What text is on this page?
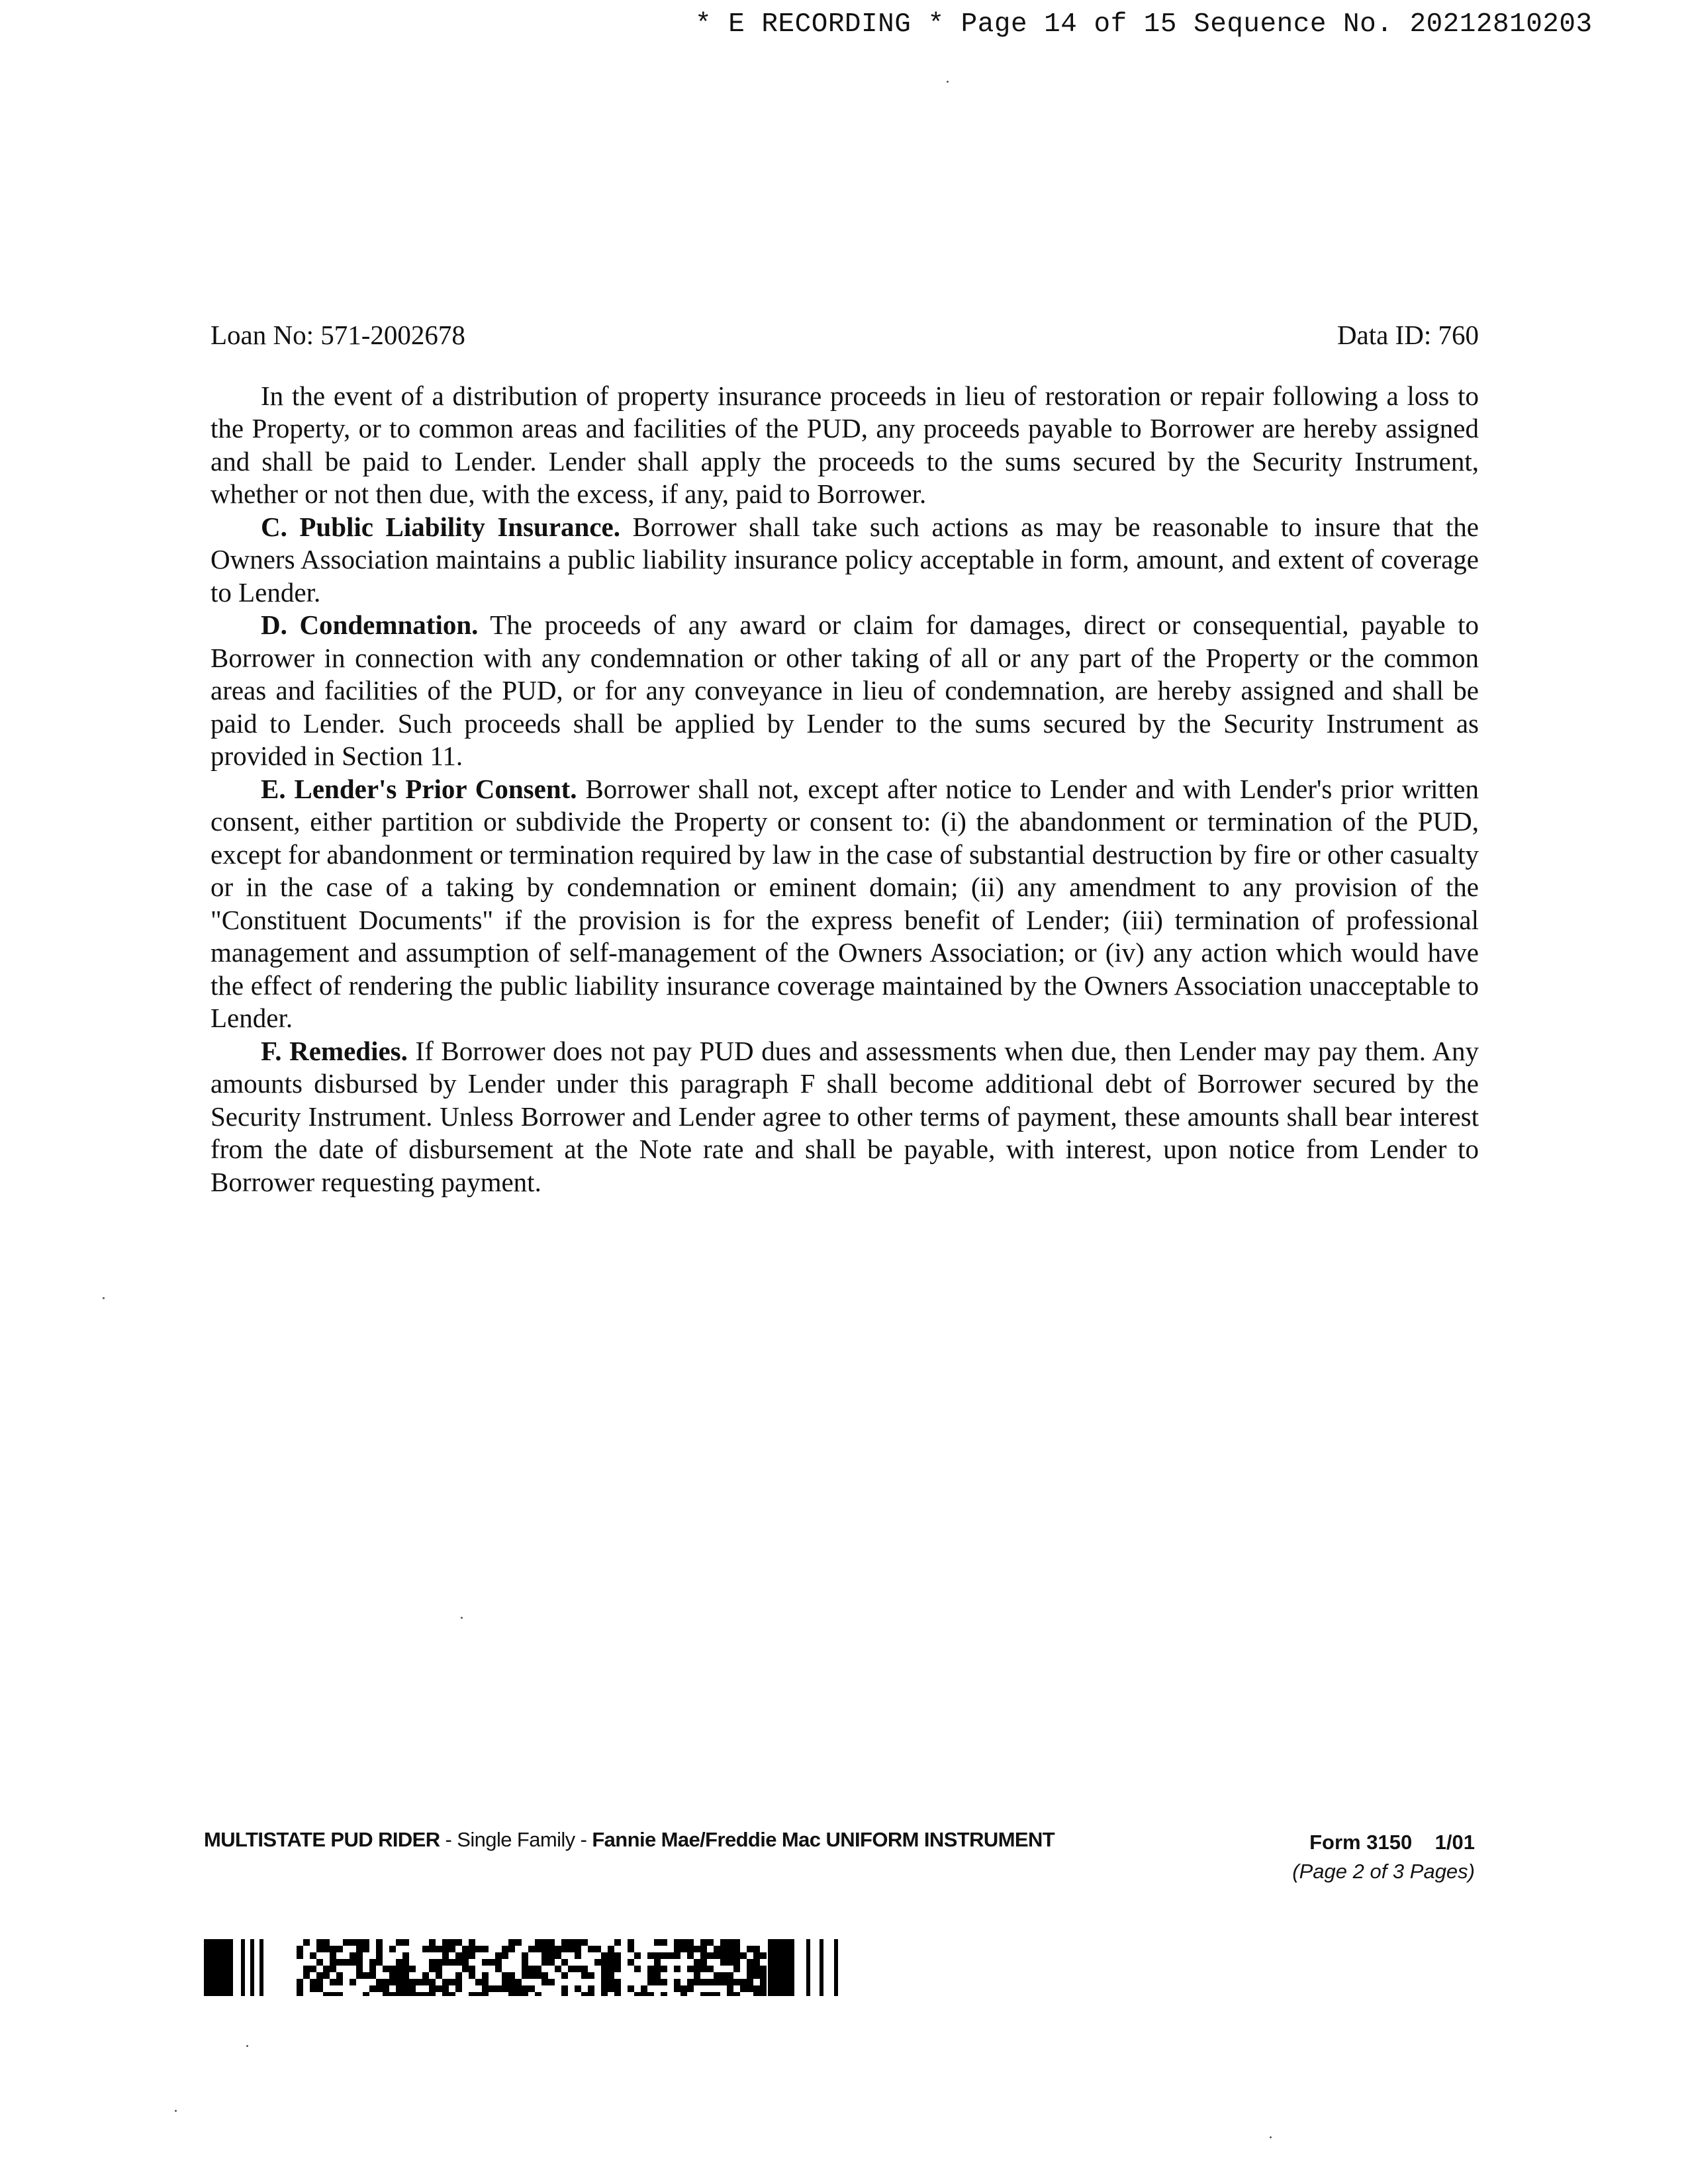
* E RECORDING * Page 14 of 15 Sequence No. 20212810203
Loan No: 571-2002678	Data ID: 760

In the event of a distribution of property insurance proceeds in lieu of restoration or repair following a loss to the Property, or to common areas and facilities of the PUD, any proceeds payable to Borrower are hereby assigned and shall be paid to Lender. Lender shall apply the proceeds to the sums secured by the Security Instrument, whether or not then due, with the excess, if any, paid to Borrower.

C. Public Liability Insurance. Borrower shall take such actions as may be reasonable to insure that the Owners Association maintains a public liability insurance policy acceptable in form, amount, and extent of coverage to Lender.

D. Condemnation. The proceeds of any award or claim for damages, direct or consequential, payable to Borrower in connection with any condemnation or other taking of all or any part of the Property or the common areas and facilities of the PUD, or for any conveyance in lieu of condemnation, are hereby assigned and shall be paid to Lender. Such proceeds shall be applied by Lender to the sums secured by the Security Instrument as provided in Section 11.

E. Lender's Prior Consent. Borrower shall not, except after notice to Lender and with Lender's prior written consent, either partition or subdivide the Property or consent to: (i) the abandonment or termination of the PUD, except for abandonment or termination required by law in the case of substantial destruction by fire or other casualty or in the case of a taking by condemnation or eminent domain; (ii) any amendment to any provision of the "Constituent Documents" if the provision is for the express benefit of Lender; (iii) termination of professional management and assumption of self-management of the Owners Association; or (iv) any action which would have the effect of rendering the public liability insurance coverage maintained by the Owners Association unacceptable to Lender.

F. Remedies. If Borrower does not pay PUD dues and assessments when due, then Lender may pay them. Any amounts disbursed by Lender under this paragraph F shall become additional debt of Borrower secured by the Security Instrument. Unless Borrower and Lender agree to other terms of payment, these amounts shall bear interest from the date of disbursement at the Note rate and shall be payable, with interest, upon notice from Lender to Borrower requesting payment.

MULTISTATE PUD RIDER - Single Family - Fannie Mae/Freddie Mac UNIFORM INSTRUMENT	Form 3150 1/01
(Page 2 of 3 Pages)
